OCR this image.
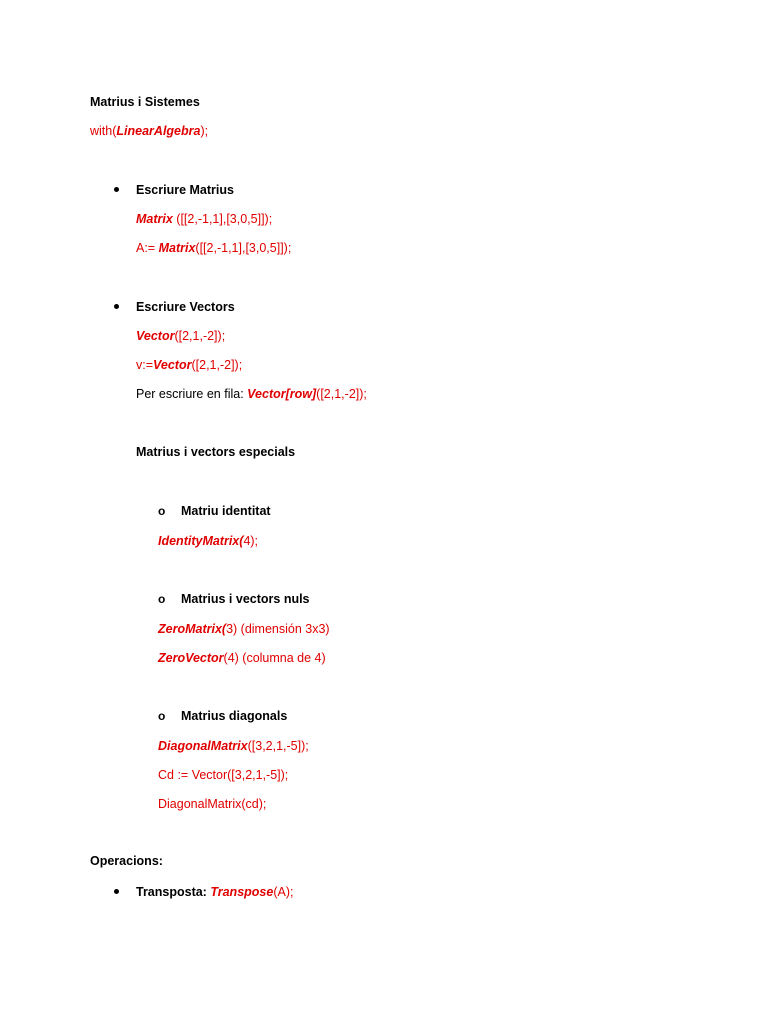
Matrius i Sistemes
with(LinearAlgebra);
Escriure Matrius
Matrix ([[2,-1,1],[3,0,5]]);
A:= Matrix([[2,-1,1],[3,0,5]]);
Escriure Vectors
Vector([2,1,-2]);
v:=Vector([2,1,-2]);
Per escriure en fila: Vector[row]([2,1,-2]);
Matrius i vectors especials
o Matriu identitat
IdentityMatrix(4);
o Matrius i vectors nuls
ZeroMatrix(3) (dimensión 3x3)
ZeroVector(4) (columna de 4)
o Matrius diagonals
DiagonalMatrix([3,2,1,-5]);
Cd := Vector([3,2,1,-5]);
DiagonalMatrix(cd);
Operacions:
Transposta: Transpose(A);
